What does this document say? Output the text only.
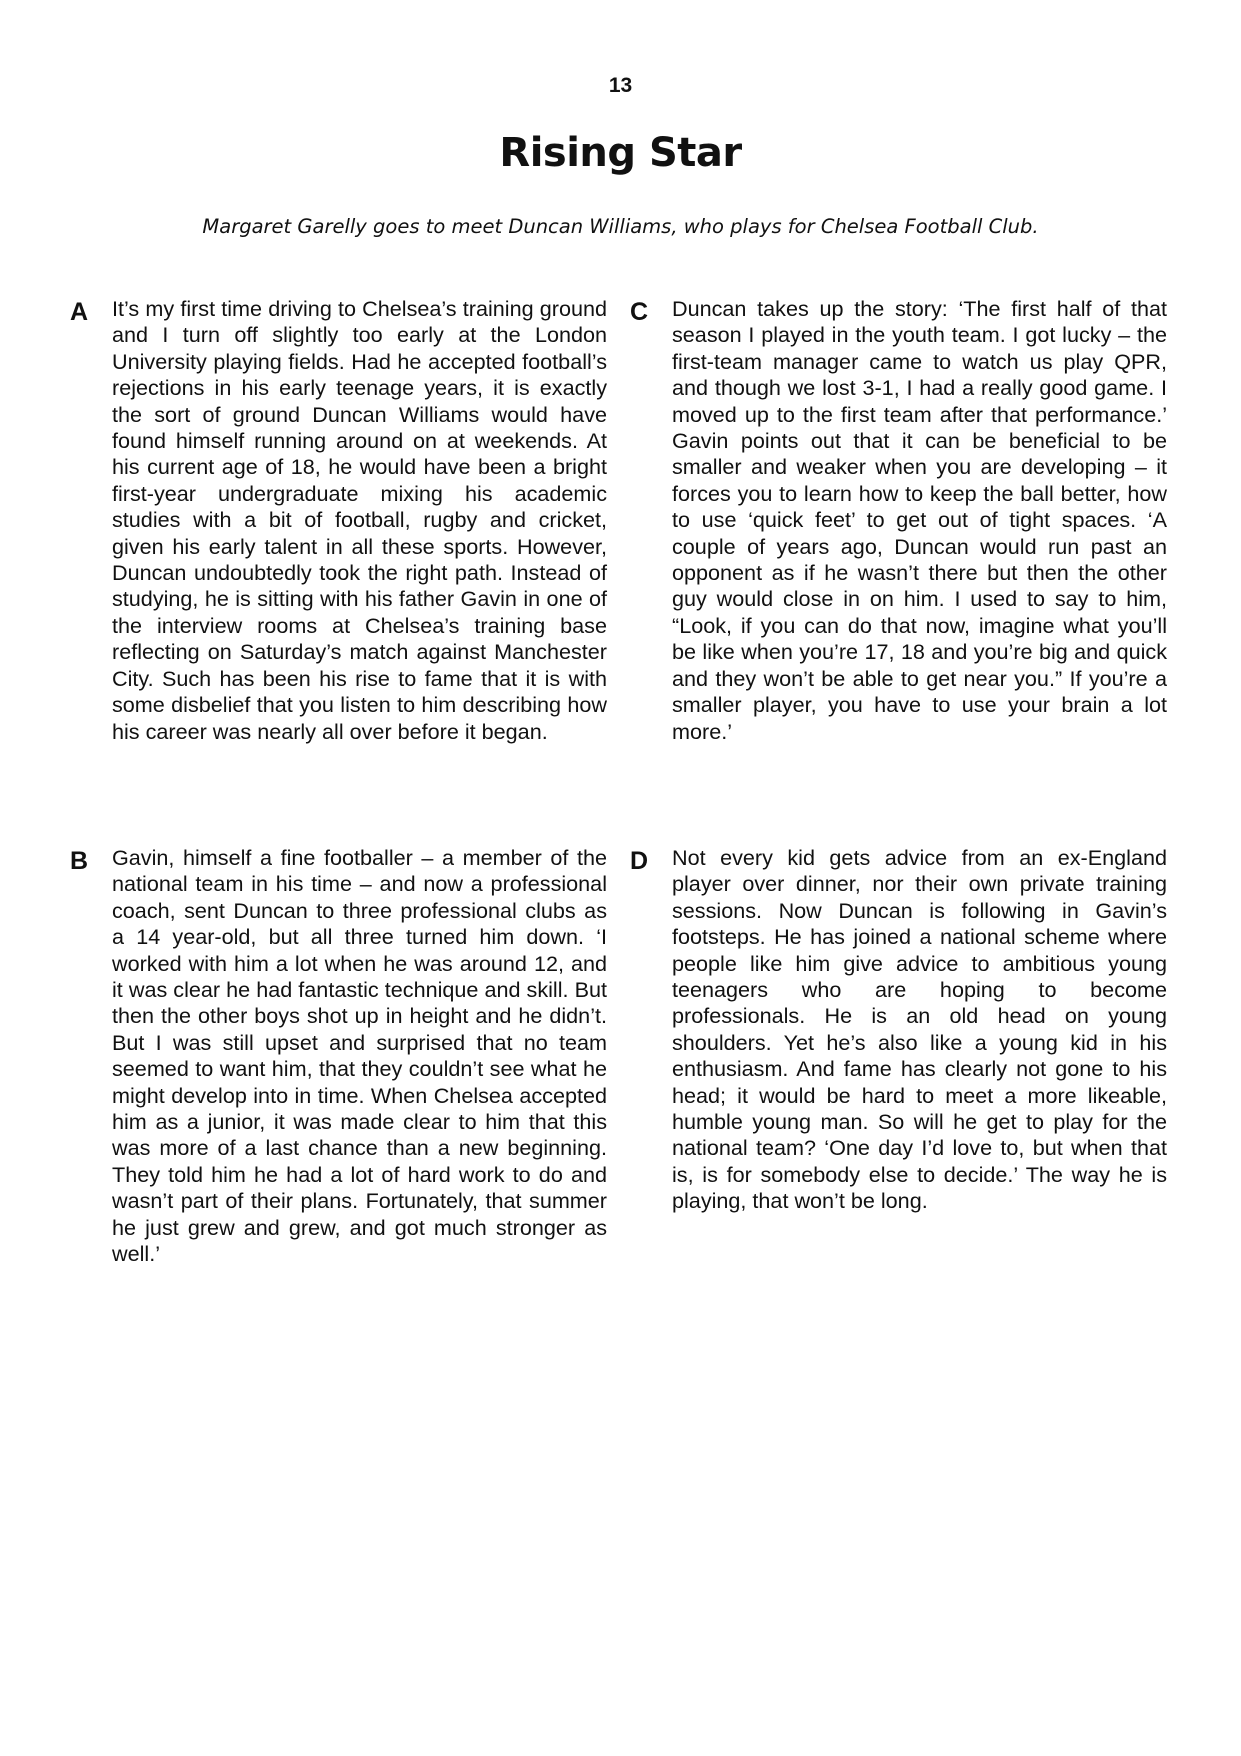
13
Rising Star
Margaret Garelly goes to meet Duncan Williams, who plays for Chelsea Football Club.
A It’s my first time driving to Chelsea’s training ground and I turn off slightly too early at the London University playing fields. Had he accepted football’s rejections in his early teenage years, it is exactly the sort of ground Duncan Williams would have found himself running around on at weekends. At his current age of 18, he would have been a bright first-year undergraduate mixing his academic studies with a bit of football, rugby and cricket, given his early talent in all these sports. However, Duncan undoubtedly took the right path. Instead of studying, he is sitting with his father Gavin in one of the interview rooms at Chelsea’s training base reflecting on Saturday’s match against Manchester City. Such has been his rise to fame that it is with some disbelief that you listen to him describing how his career was nearly all over before it began.

C Duncan takes up the story: ‘The first half of that season I played in the youth team. I got lucky – the first-team manager came to watch us play QPR, and though we lost 3-1, I had a really good game. I moved up to the first team after that performance.’ Gavin points out that it can be beneficial to be smaller and weaker when you are developing – it forces you to learn how to keep the ball better, how to use ‘quick feet’ to get out of tight spaces. ‘A couple of years ago, Duncan would run past an opponent as if he wasn’t there but then the other guy would close in on him. I used to say to him, “Look, if you can do that now, imagine what you’ll be like when you’re 17, 18 and you’re big and quick and they won’t be able to get near you.” If you’re a smaller player, you have to use your brain a lot more.’

B Gavin, himself a fine footballer – a member of the national team in his time – and now a professional coach, sent Duncan to three professional clubs as a 14 year-old, but all three turned him down. ‘I worked with him a lot when he was around 12, and it was clear he had fantastic technique and skill. But then the other boys shot up in height and he didn’t. But I was still upset and surprised that no team seemed to want him, that they couldn’t see what he might develop into in time. When Chelsea accepted him as a junior, it was made clear to him that this was more of a last chance than a new beginning. They told him he had a lot of hard work to do and wasn’t part of their plans. Fortunately, that summer he just grew and grew, and got much stronger as well.’

D Not every kid gets advice from an ex-England player over dinner, nor their own private training sessions. Now Duncan is following in Gavin’s footsteps. He has joined a national scheme where people like him give advice to ambitious young teenagers who are hoping to become professionals. He is an old head on young shoulders. Yet he’s also like a young kid in his enthusiasm. And fame has clearly not gone to his head; it would be hard to meet a more likeable, humble young man. So will he get to play for the national team? ‘One day I’d love to, but when that is, is for somebody else to decide.’ The way he is playing, that won’t be long.
